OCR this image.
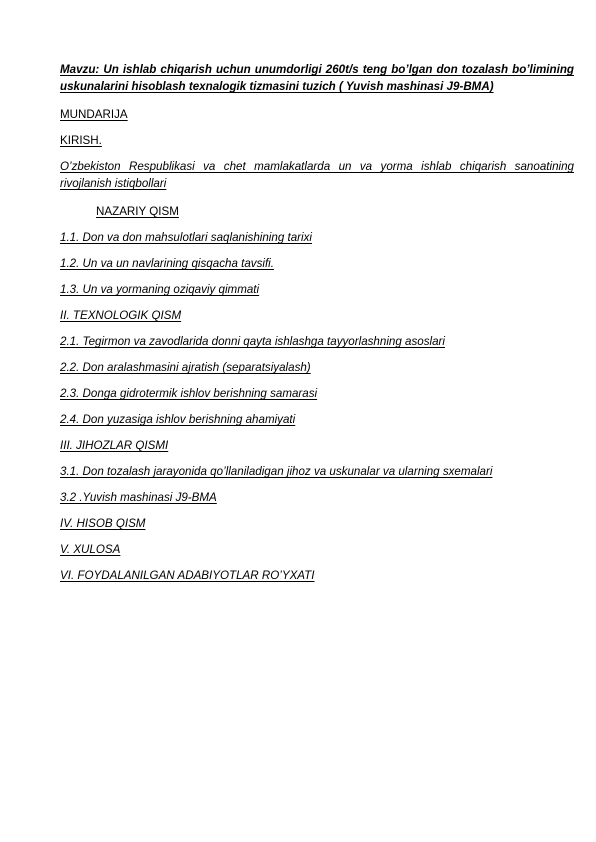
Mavzu: Un ishlab chiqarish uchun unumdorligi 260t/s teng bo’lgan don tozalash bo’limining uskunalarini hisoblash texnalogik tizmasini tuzich ( Yuvish mashinasi J9-BMA)
MUNDARIJA
KIRISH.
O’zbekiston Respublikasi va chet mamlakatlarda un va yorma ishlab chiqarish sanoatining rivojlanish istiqbollari
NAZARIY QISM
1.1. Don va don mahsulotlari saqlanishining tarixi
1.2. Un va un navlarining qisqacha tavsifi.
1.3. Un va yormaning oziqaviy qimmati
II. TEXNOLOGIK QISM
2.1. Tegirmon va zavodlarida donni qayta ishlashga tayyorlashning asoslari
2.2. Don aralashmasini ajratish (separatsiyalash)
2.3. Donga gidrotermik ishlov berishning samarasi
2.4. Don yuzasiga ishlov berishning ahamiyati
III. JIHOZLAR QISMI
3.1. Don tozalash jarayonida qo’llaniladigan jihoz va uskunalar va ularning sxemalari
3.2 .Yuvish mashinasi J9-BMA
IV. HISOB QISM
V. XULOSA
VI. FOYDALANILGAN ADABIYOTLAR RO’YXATI
